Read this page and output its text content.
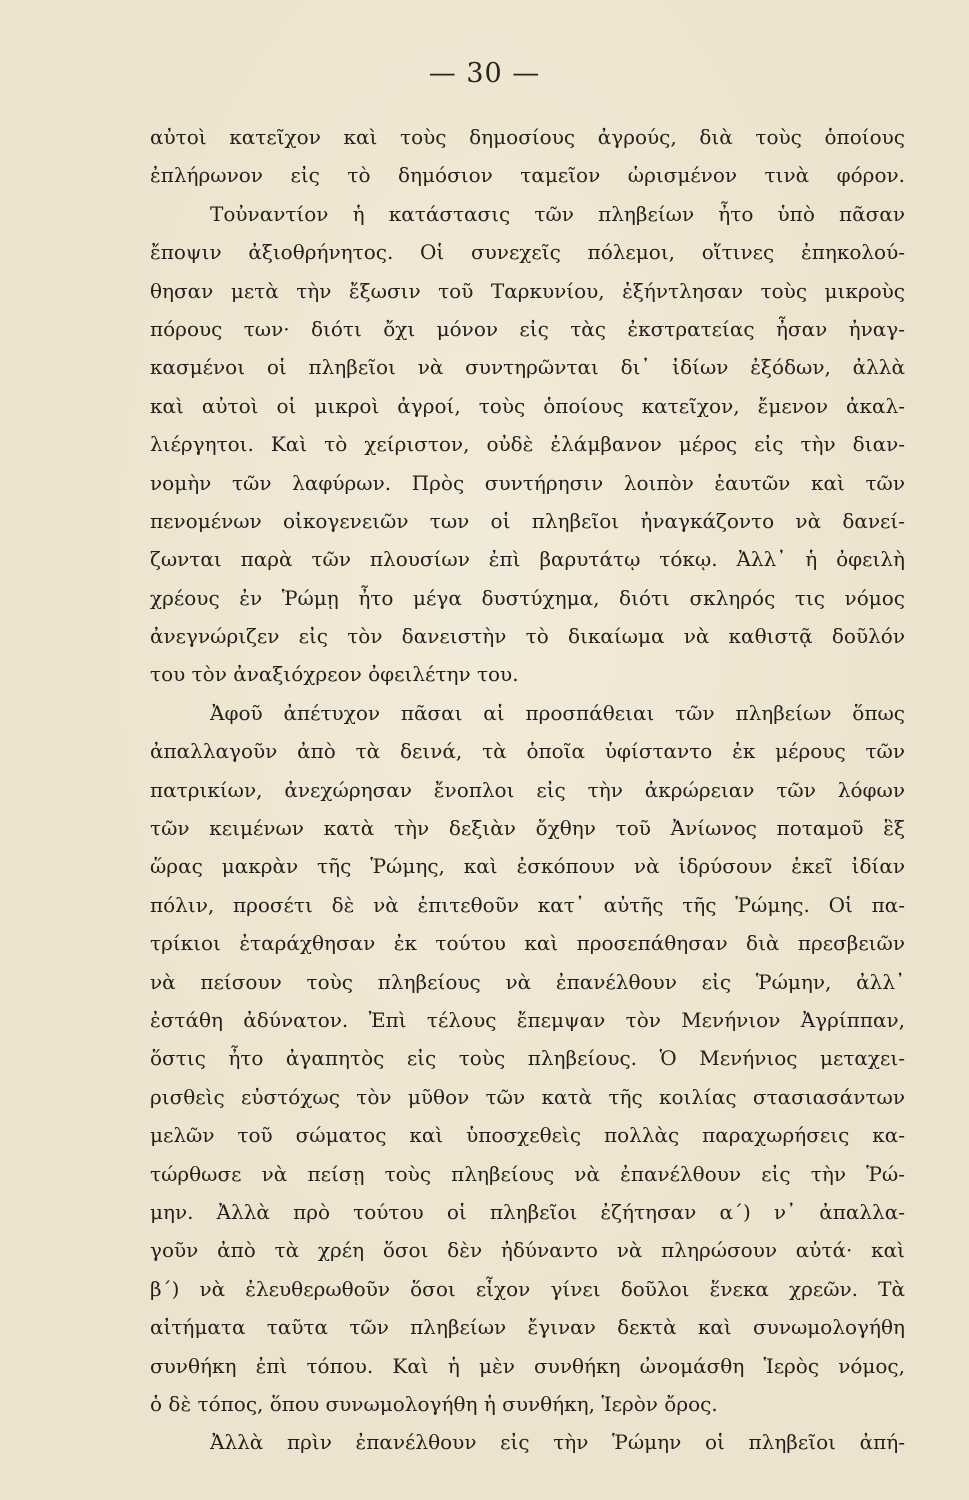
— 30 —
αὐτοὶ κατεῖχον καὶ τοὺς δημοσίους ἀγρούς, διὰ τοὺς ὁποίους
ἐπλήρωνον εἰς τὸ δημόσιον ταμεῖον ὡρισμένον τινὰ φόρον.
Τοὐναντίον ἡ κατάστασις τῶν πληβείων ἦτο ὑπὸ πᾶσαν
ἔποψιν ἀξιοθρήνητος. Οἱ συνεχεῖς πόλεμοι, οἵτινες ἐπηκολού-
θησαν μετὰ τὴν ἔξωσιν τοῦ Ταρκυνίου, ἐξήντλησαν τοὺς μικροὺς
πόρους των· διότι ὄχι μόνον εἰς τὰς ἐκστρατείας ἦσαν ἠναγ-
κασμένοι οἱ πληβεῖοι νὰ συντηρῶνται δι᾿ ἰδίων ἐξόδων, ἀλλὰ
καὶ αὐτοὶ οἱ μικροὶ ἀγροί, τοὺς ὁποίους κατεῖχον, ἔμενον ἀκαλ-
λιέργητοι. Καὶ τὸ χείριστον, οὐδὲ ἐλάμβανον μέρος εἰς τὴν διαν-
νομὴν τῶν λαφύρων. Πρὸς συντήρησιν λοιπὸν ἑαυτῶν καὶ τῶν
πενομένων οἰκογενειῶν των οἱ πληβεῖοι ἠναγκάζοντο νὰ δανεί-
ζωνται παρὰ τῶν πλουσίων ἐπὶ βαρυτάτῳ τόκῳ. Ἀλλ᾿ ἡ ὀφειλὴ
χρέους ἐν Ῥώμῃ ἦτο μέγα δυστύχημα, διότι σκληρός τις νόμος
ἀνεγνώριζεν εἰς τὸν δανειστὴν τὸ δικαίωμα νὰ καθιστᾷ δοῦλόν
του τὸν ἀναξιόχρεον ὀφειλέτην του.
Ἀφοῦ ἀπέτυχον πᾶσαι αἱ προσπάθειαι τῶν πληβείων ὅπως
ἀπαλλαγοῦν ἀπὸ τὰ δεινά, τὰ ὁποῖα ὑφίσταντο ἐκ μέρους τῶν
πατρικίων, ἀνεχώρησαν ἔνοπλοι εἰς τὴν ἀκρώρειαν τῶν λόφων
τῶν κειμένων κατὰ τὴν δεξιὰν ὄχθην τοῦ Ἀνίωνος ποταμοῦ ἓξ
ὥρας μακρὰν τῆς Ῥώμης, καὶ ἐσκόπουν νὰ ἱδρύσουν ἐκεῖ ἰδίαν
πόλιν, προσέτι δὲ νὰ ἐπιτεθοῦν κατ᾿ αὐτῆς τῆς Ῥώμης. Οἱ πα-
τρίκιοι ἐταράχθησαν ἐκ τούτου καὶ προσεπάθησαν διὰ πρεσβειῶν
νὰ πείσουν τοὺς πληβείους νὰ ἐπανέλθουν εἰς Ῥώμην, ἀλλ᾿
ἐστάθη ἀδύνατον. Ἐπὶ τέλους ἔπεμψαν τὸν Μενήνιον Ἀγρίππαν,
ὅστις ἦτο ἀγαπητὸς εἰς τοὺς πληβείους. Ὁ Μενήνιος μεταχει-
ρισθεὶς εὐστόχως τὸν μῦθον τῶν κατὰ τῆς κοιλίας στασιασάντων
μελῶν τοῦ σώματος καὶ ὑποσχεθεὶς πολλὰς παραχωρήσεις κα-
τώρθωσε νὰ πείσῃ τοὺς πληβείους νὰ ἐπανέλθουν εἰς τὴν Ῥώ-
μην. Ἀλλὰ πρὸ τούτου οἱ πληβεῖοι ἐζήτησαν α΄) ν᾿ ἀπαλλα-
γοῦν ἀπὸ τὰ χρέη ὅσοι δὲν ἠδύναντο νὰ πληρώσουν αὐτά· καὶ
β΄) νὰ ἐλευθερωθοῦν ὅσοι εἶχον γίνει δοῦλοι ἕνεκα χρεῶν. Τὰ
αἰτήματα ταῦτα τῶν πληβείων ἔγιναν δεκτὰ καὶ συνωμολογήθη
συνθήκη ἐπὶ τόπου. Καὶ ἡ μὲν συνθήκη ὠνομάσθη Ἱερὸς νόμος,
ὁ δὲ τόπος, ὅπου συνωμολογήθη ἡ συνθήκη, Ἱερὸν ὄρος.
Ἀλλὰ πρὶν ἐπανέλθουν εἰς τὴν Ῥώμην οἱ πληβεῖοι ἀπή-
